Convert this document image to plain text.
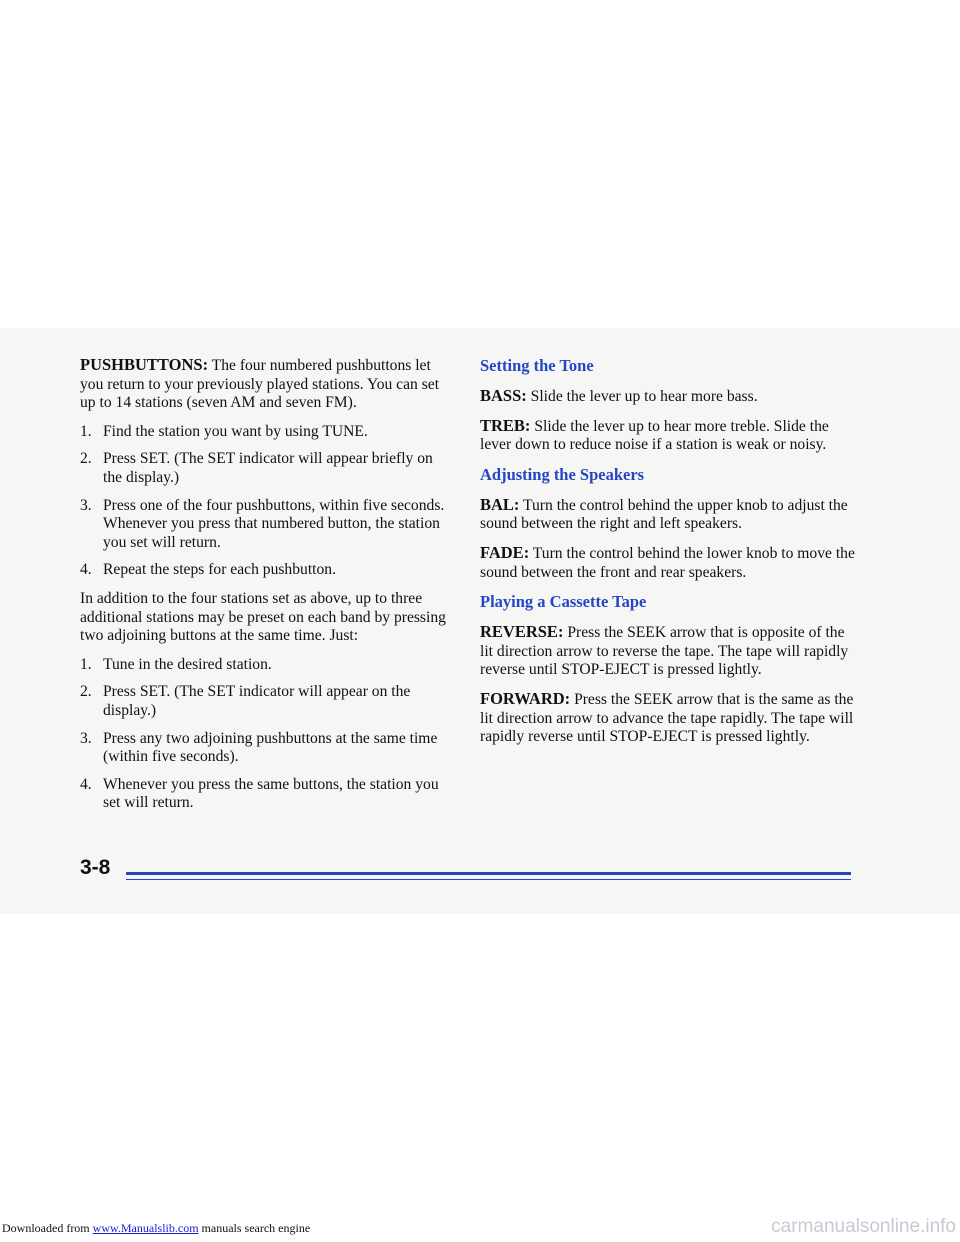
PUSHBUTTONS: The four numbered pushbuttons let you return to your previously played stations. You can set up to 14 stations (seven AM and seven FM).

1. Find the station you want by using TUNE.
2. Press SET. (The SET indicator will appear briefly on the display.)
3. Press one of the four pushbuttons, within five seconds. Whenever you press that numbered button, the station you set will return.
4. Repeat the steps for each pushbutton.

In addition to the four stations set as above, up to three additional stations may be preset on each band by pressing two adjoining buttons at the same time. Just:

1. Tune in the desired station.
2. Press SET. (The SET indicator will appear on the display.)
3. Press any two adjoining pushbuttons at the same time (within five seconds).
4. Whenever you press the same buttons, the station you set will return.
Setting the Tone

BASS: Slide the lever up to hear more bass.

TREB: Slide the lever up to hear more treble. Slide the lever down to reduce noise if a station is weak or noisy.

Adjusting the Speakers

BAL: Turn the control behind the upper knob to adjust the sound between the right and left speakers.

FADE: Turn the control behind the lower knob to move the sound between the front and rear speakers.

Playing a Cassette Tape

REVERSE: Press the SEEK arrow that is opposite of the lit direction arrow to reverse the tape. The tape will rapidly reverse until STOP-EJECT is pressed lightly.

FORWARD: Press the SEEK arrow that is the same as the lit direction arrow to advance the tape rapidly. The tape will rapidly reverse until STOP-EJECT is pressed lightly.

3-8
Downloaded from www.Manualslib.com manuals search engine	carmanualsonline.info
